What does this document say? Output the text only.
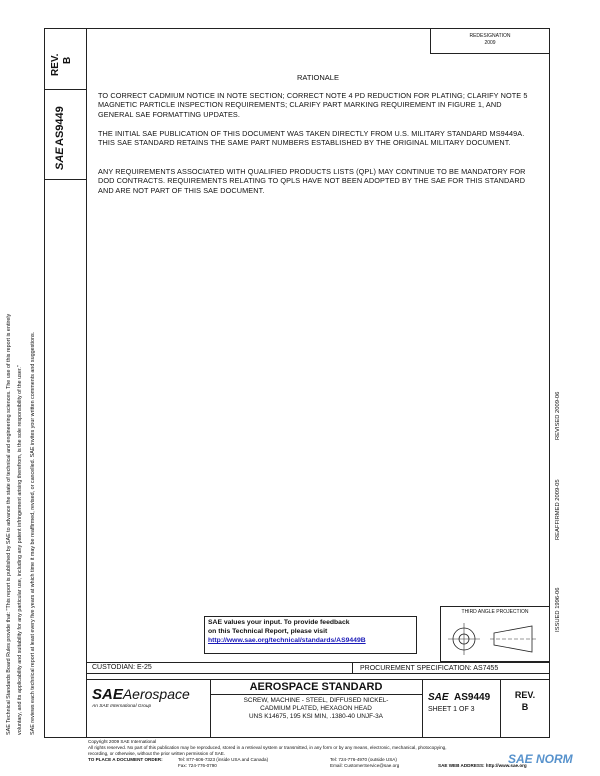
SAE Technical Standards Board Rules provide that: "This report is published by SAE to advance the state of technical and engineering sciences. The use of this report is entirely voluntary, and its applicability and suitability for any particular use, including any patent infringement arising therefrom, is the sole responsibility of the user." SAE reviews each technical report at least every five years at which time it may be reaffirmed, revised, or cancelled. SAE invites your written comments and suggestions.
REV. B
SAE
AS9449
REDESIGNATION
2009
RATIONALE
TO CORRECT CADMIUM NOTICE IN NOTE SECTION; CORRECT NOTE 4 PD REDUCTION FOR PLATING; CLARIFY NOTE 5 MAGNETIC PARTICLE INSPECTION REQUIREMENTS; CLARIFY PART MARKING REQUIREMENT IN FIGURE 1, AND GENERAL SAE FORMATTING UPDATES.
THE INITIAL SAE PUBLICATION OF THIS DOCUMENT WAS TAKEN DIRECTLY FROM U.S. MILITARY STANDARD MS9449A. THIS SAE STANDARD RETAINS THE SAME PART NUMBERS ESTABLISHED BY THE ORIGINAL MILITARY DOCUMENT.
ANY REQUIREMENTS ASSOCIATED WITH QUALIFIED PRODUCTS LISTS (QPL) MAY CONTINUE TO BE MANDATORY FOR DOD CONTRACTS. REQUIREMENTS RELATING TO QPLS HAVE NOT BEEN ADOPTED BY THE SAE FOR THIS STANDARD AND ARE NOT PART OF THIS SAE DOCUMENT.
ISSUED 1996-06
REAFFIRMED 2009-05
REVISED 2009-06
SAE values your input. To provide feedback
on this Technical Report, please visit
http://www.sae.org/technical/standards/AS9449B
THIRD ANGLE PROJECTION
CUSTODIAN: E-25	PROCUREMENT SPECIFICATION: AS7455
SAEAerospace
An SAE International Group
AEROSPACE STANDARD
SCREW, MACHINE - STEEL, DIFFUSED NICKEL-
CADMIUM PLATED, HEXAGON HEAD
UNS K14675, 195 KSI MIN, .1380-40 UNJF-3A
SAE AS9449
SHEET 1 OF 3
REV.
B
Copyright 2009 SAE International
All rights reserved. No part of this publication may be reproduced, stored in a retrieval system or transmitted, in any form or by any means, electronic, mechanical, photocopying,
recording, or otherwise, without the prior written permission of SAE.
TO PLACE A DOCUMENT ORDER:	Tel: 877-606-7323 (inside USA and Canada)
Fax: 724-776-0790
Tel: 724-776-4970 (outside USA)
Email: CustomerService@sae.org	SAE WEB ADDRESS: http://www.sae.org
SAE NORM
